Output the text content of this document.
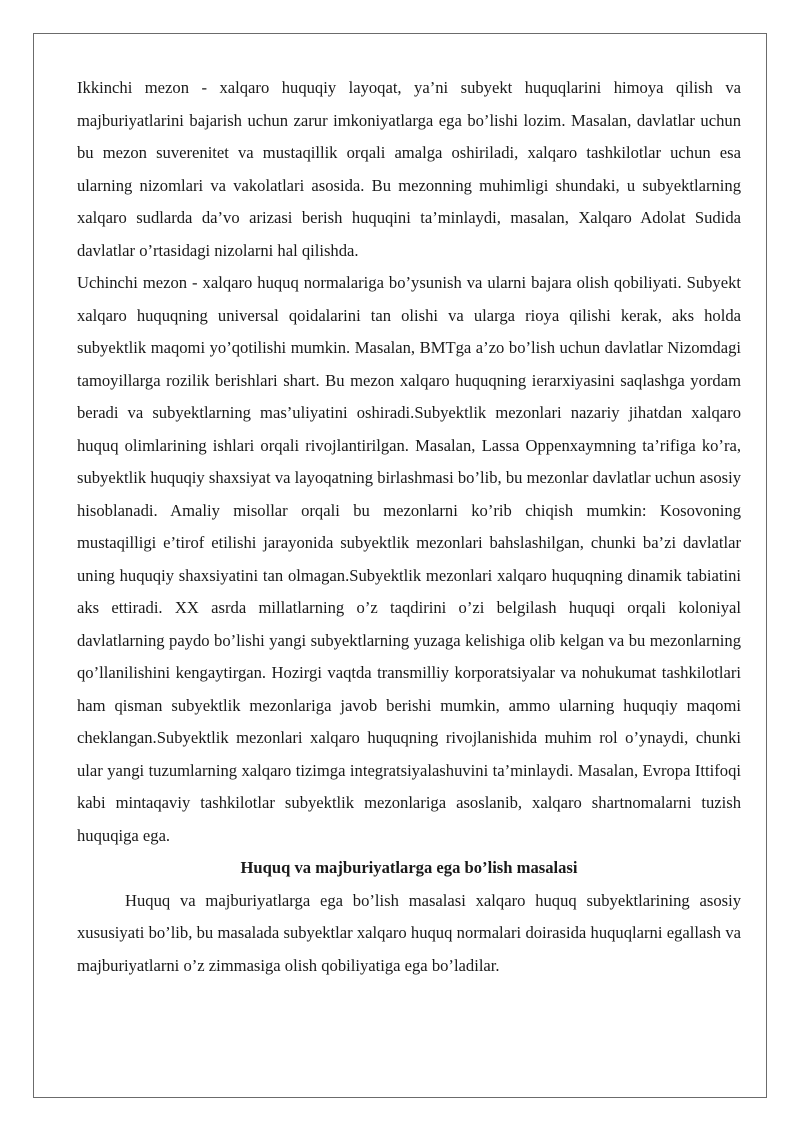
Ikkinchi mezon - xalqaro huquqiy layoqat, ya’ni subyekt huquqlarini himoya qilish va majburiyatlarini bajarish uchun zarur imkoniyatlarga ega bo’lishi lozim. Masalan, davlatlar uchun bu mezon suverenitet va mustaqillik orqali amalga oshiriladi, xalqaro tashkilotlar uchun esa ularning nizomlari va vakolatlari asosida. Bu mezonning muhimligi shundaki, u subyektlarning xalqaro sudlarda da’vo arizasi berish huquqini ta’minlaydi, masalan, Xalqaro Adolat Sudida davlatlar o’rtasidagi nizolarni hal qilishda.

Uchinchi mezon - xalqaro huquq normalariga bo’ysunish va ularni bajara olish qobiliyati. Subyekt xalqaro huquqning universal qoidalarini tan olishi va ularga rioya qilishi kerak, aks holda subyektlik maqomi yo’qotilishi mumkin. Masalan, BMTga a’zo bo’lish uchun davlatlar Nizomdagi tamoyillarga rozilik berishlari shart. Bu mezon xalqaro huquqning ierarxiyasini saqlashga yordam beradi va subyektlarning mas’uliyatini oshiradi.Subyektlik mezonlari nazariy jihatdan xalqaro huquq olimlarining ishlari orqali rivojlantirilgan. Masalan, Lassa Oppenxaymning ta’rifiga ko’ra, subyektlik huquqiy shaxsiyat va layoqatning birlashmasi bo’lib, bu mezonlar davlatlar uchun asosiy hisoblanadi. Amaliy misollar orqali bu mezonlarni ko’rib chiqish mumkin: Kosovoning mustaqilligi e’tirof etilishi jarayonida subyektlik mezonlari bahslashilgan, chunki ba’zi davlatlar uning huquqiy shaxsiyatini tan olmagan.Subyektlik mezonlari xalqaro huquqning dinamik tabiatini aks ettiradi. XX asrda millatlarning o’z taqdirini o’zi belgilash huquqi orqali koloniyal davlatlarning paydo bo’lishi yangi subyektlarning yuzaga kelishiga olib kelgan va bu mezonlarning qo’llanilishini kengaytirgan. Hozirgi vaqtda transmilliy korporatsiyalar va nohukumat tashkilotlari ham qisman subyektlik mezonlariga javob berishi mumkin, ammo ularning huquqiy maqomi cheklangan.Subyektlik mezonlari xalqaro huquqning rivojlanishida muhim rol o’ynaydi, chunki ular yangi tuzumlarning xalqaro tizimga integratsiyalashuvini ta’minlaydi. Masalan, Evropa Ittifoqi kabi mintaqaviy tashkilotlar subyektlik mezonlariga asoslanib, xalqaro shartnomalarni tuzish huquqiga ega.

Huquq va majburiyatlarga ega bo’lish masalasi

Huquq va majburiyatlarga ega bo’lish masalasi xalqaro huquq subyektlarining asosiy xususiyati bo’lib, bu masalada subyektlar xalqaro huquq normalari doirasida huquqlarni egallash va majburiyatlarni o’z zimmasiga olish qobiliyatiga ega bo’ladilar.
